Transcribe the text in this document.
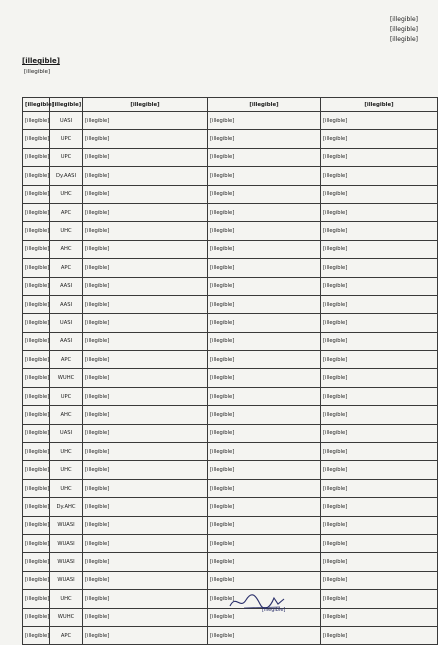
[illegible]
[illegible]
[illegible]
[illegible]
[illegible]
[illegible]	[illegible]	[illegible]	[illegible]	[illegible]
[illegible]	UASI	[illegible]	[illegible]	[illegible]
[illegible]	UPC	[illegible]	[illegible]	[illegible]
[illegible]	UPC	[illegible]	[illegible]	[illegible]
[illegible]	Dy.AASI	[illegible]	[illegible]	[illegible]
[illegible]	UHC	[illegible]	[illegible]	[illegible]
[illegible]	APC	[illegible]	[illegible]	[illegible]
[illegible]	UHC	[illegible]	[illegible]	[illegible]
[illegible]	AHC	[illegible]	[illegible]	[illegible]
[illegible]	APC	[illegible]	[illegible]	[illegible]
[illegible]	AASI	[illegible]	[illegible]	[illegible]
[illegible]	AASI	[illegible]	[illegible]	[illegible]
[illegible]	UASI	[illegible]	[illegible]	[illegible]
[illegible]	AASI	[illegible]	[illegible]	[illegible]
[illegible]	APC	[illegible]	[illegible]	[illegible]
[illegible]	WUHC	[illegible]	[illegible]	[illegible]
[illegible]	UPC	[illegible]	[illegible]	[illegible]
[illegible]	AHC	[illegible]	[illegible]	[illegible]
[illegible]	UASI	[illegible]	[illegible]	[illegible]
[illegible]	UHC	[illegible]	[illegible]	[illegible]
[illegible]	UHC	[illegible]	[illegible]	[illegible]
[illegible]	UHC	[illegible]	[illegible]	[illegible]
[illegible]	Dy.AHC	[illegible]	[illegible]	[illegible]
[illegible]	WUASI	[illegible]	[illegible]	[illegible]
[illegible]	WUASI	[illegible]	[illegible]	[illegible]
[illegible]	WUASI	[illegible]	[illegible]	[illegible]
[illegible]	WUASI	[illegible]	[illegible]	[illegible]
[illegible]	UHC	[illegible]	[illegible]	[illegible]
[illegible]	WUHC	[illegible]	[illegible]	[illegible]
[illegible]	APC	[illegible]	[illegible]	[illegible]
[illegible]
